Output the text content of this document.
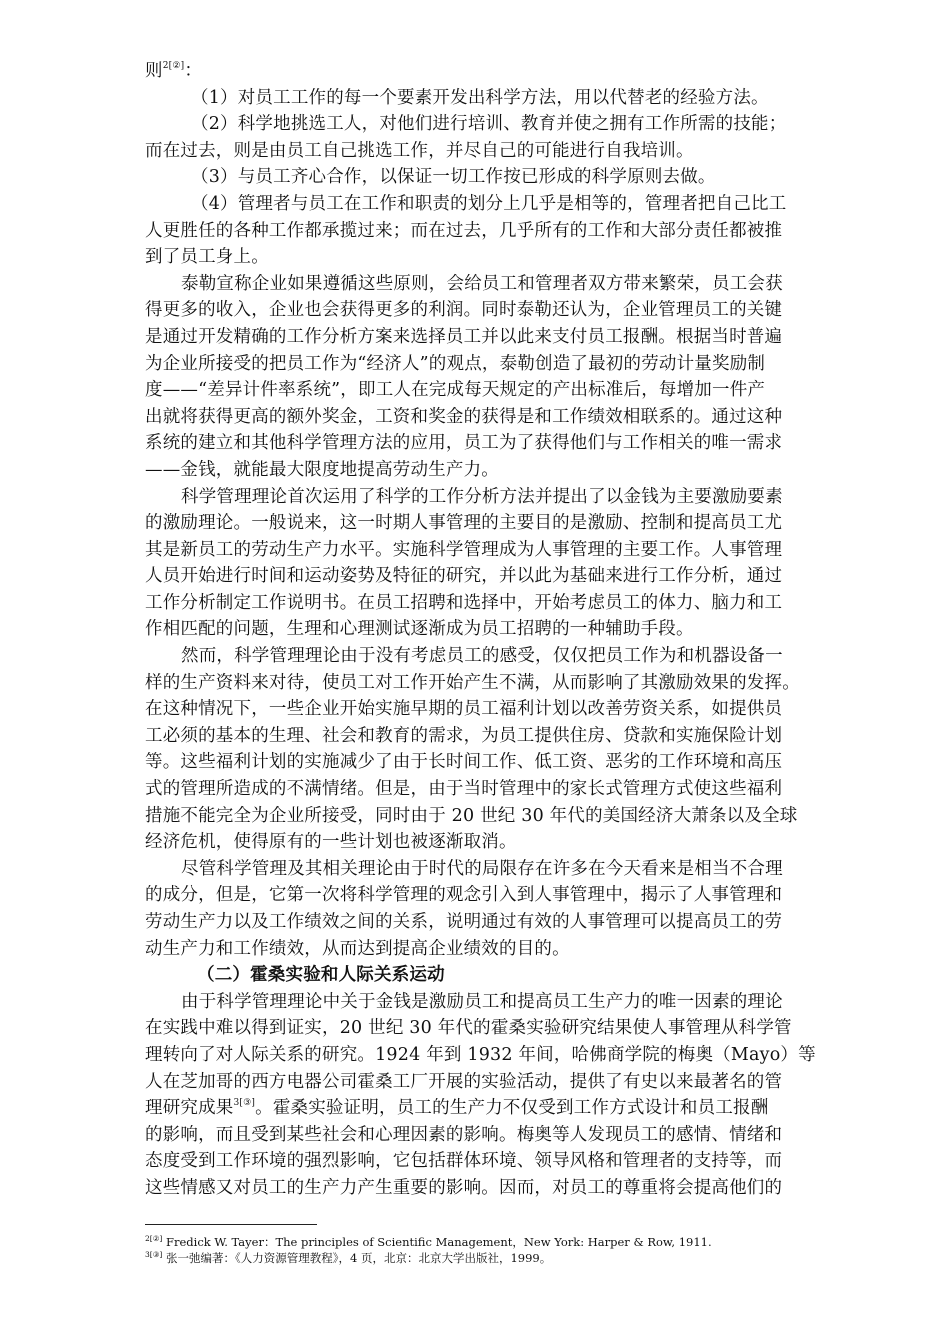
则$^{2[②]}$：
（1）对员工工作的每一个要素开发出科学方法，用以代替老的经验方法。
（2）科学地挑选工人，对他们进行培训、教育并使之拥有工作所需的技能；
而在过去，则是由员工自己挑选工作，并尽自己的可能进行自我培训。
（3）与员工齐心合作，以保证一切工作按已形成的科学原则去做。
（4）管理者与员工在工作和职责的划分上几乎是相等的，管理者把自己比工
人更胜任的各种工作都承揽过来；而在过去，几乎所有的工作和大部分责任都被推
到了员工身上。
泰勒宣称企业如果遵循这些原则，会给员工和管理者双方带来繁荣，员工会获
得更多的收入，企业也会获得更多的利润。同时泰勒还认为，企业管理员工的关键
是通过开发精确的工作分析方案来选择员工并以此来支付员工报酬。根据当时普遍
为企业所接受的把员工作为“经济人”的观点，泰勒创造了最初的劳动计量奖励制
度——“差异计件率系统”，即工人在完成每天规定的产出标准后，每增加一件产
出就将获得更高的额外奖金，工资和奖金的获得是和工作绩效相联系的。通过这种
系统的建立和其他科学管理方法的应用，员工为了获得他们与工作相关的唯一需求
——金钱，就能最大限度地提高劳动生产力。
科学管理理论首次运用了科学的工作分析方法并提出了以金钱为主要激励要素
的激励理论。一般说来，这一时期人事管理的主要目的是激励、控制和提高员工尤
其是新员工的劳动生产力水平。实施科学管理成为人事管理的主要工作。人事管理
人员开始进行时间和运动姿势及特征的研究，并以此为基础来进行工作分析，通过
工作分析制定工作说明书。在员工招聘和选择中，开始考虑员工的体力、脑力和工
作相匹配的问题，生理和心理测试逐渐成为员工招聘的一种辅助手段。
然而，科学管理理论由于没有考虑员工的感受，仅仅把员工作为和机器设备一
样的生产资料来对待，使员工对工作开始产生不满，从而影响了其激励效果的发挥。
在这种情况下，一些企业开始实施早期的员工福利计划以改善劳资关系，如提供员
工必须的基本的生理、社会和教育的需求，为员工提供住房、贷款和实施保险计划
等。这些福利计划的实施减少了由于长时间工作、低工资、恶劣的工作环境和高压
式的管理所造成的不满情绪。但是，由于当时管理中的家长式管理方式使这些福利
措施不能完全为企业所接受，同时由于 20 世纪 30 年代的美国经济大萧条以及全球
经济危机，使得原有的一些计划也被逐渐取消。
尽管科学管理及其相关理论由于时代的局限存在许多在今天看来是相当不合理
的成分，但是，它第一次将科学管理的观念引入到人事管理中，揭示了人事管理和
劳动生产力以及工作绩效之间的关系，说明通过有效的人事管理可以提高员工的劳
动生产力和工作绩效，从而达到提高企业绩效的目的。
（二）霍桑实验和人际关系运动
由于科学管理理论中关于金钱是激励员工和提高员工生产力的唯一因素的理论
在实践中难以得到证实，20 世纪 30 年代的霍桑实验研究结果使人事管理从科学管
理转向了对人际关系的研究。1924 年到 1932 年间，哈佛商学院的梅奥（Mayo）等
人在芝加哥的西方电器公司霍桑工厂开展的实验活动，提供了有史以来最著名的管
理研究成果$^{3[③]}$。霍桑实验证明，员工的生产力不仅受到工作方式设计和员工报酬
的影响，而且受到某些社会和心理因素的影响。梅奥等人发现员工的感情、情绪和
态度受到工作环境的强烈影响，它包括群体环境、领导风格和管理者的支持等，而
这些情感又对员工的生产力产生重要的影响。因而，对员工的尊重将会提高他们的
$^{2[②]}$ Fredick W. Tayer：The principles of Scientific Management，New York: Harper & Row, 1911.
$^{3[③]}$ 张一弛编著：《人力资源管理教程》，4 页，北京：北京大学出版社，1999。
